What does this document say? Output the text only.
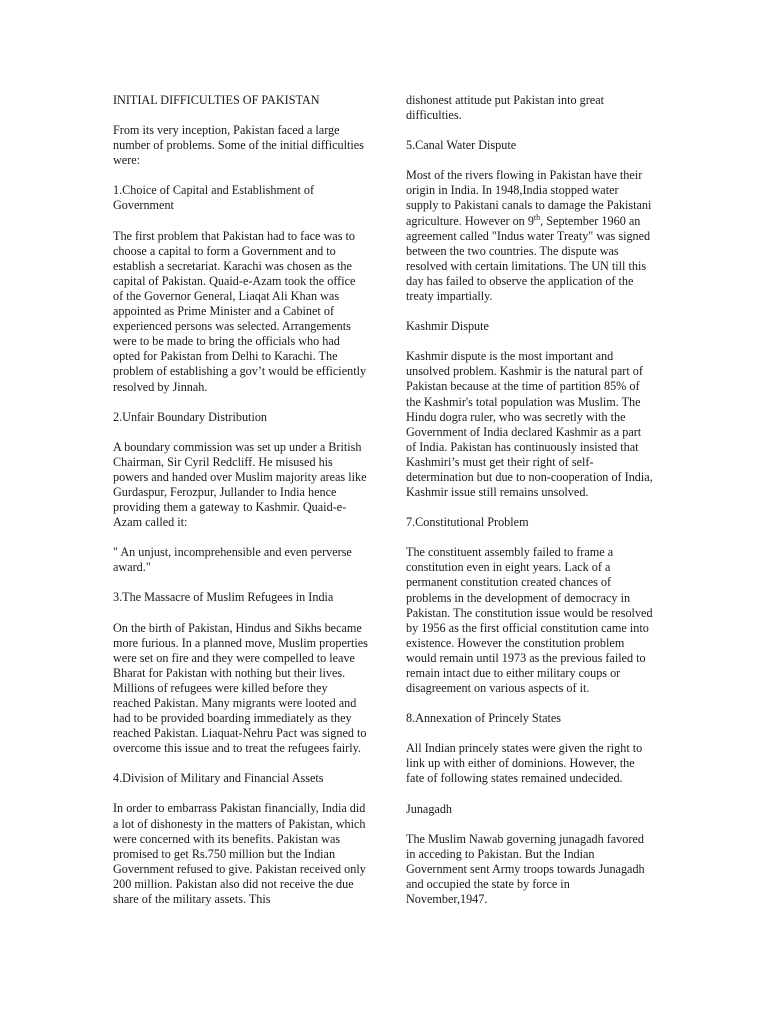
INITIAL DIFFICULTIES OF PAKISTAN

From its very inception, Pakistan faced a large number of problems. Some of the initial difficulties were:

1.Choice of Capital and Establishment of Government

The first problem that Pakistan had to face was to choose a capital to form a Government and to establish a secretariat. Karachi was chosen as the capital of Pakistan. Quaid-e-Azam took the office of the Governor General, Liaqat Ali Khan was appointed as Prime Minister and a Cabinet of experienced persons was selected. Arrangements were to be made to bring the officials who had opted for Pakistan from Delhi to Karachi. The problem of establishing a gov’t would be efficiently resolved by Jinnah.

2.Unfair Boundary Distribution

A boundary commission was set up under a British Chairman, Sir Cyril Redcliff. He misused his powers and handed over Muslim majority areas like Gurdaspur, Ferozpur, Jullander to India hence providing them a gateway to Kashmir. Quaid-e-Azam called it:

" An unjust, incomprehensible and even perverse award."

3.The Massacre of Muslim Refugees in India

On the birth of Pakistan, Hindus and Sikhs became more furious. In a planned move, Muslim properties were set on fire and they were compelled to leave Bharat for Pakistan with nothing but their lives. Millions of refugees were killed before they reached Pakistan. Many migrants were looted and had to be provided boarding immediately as they reached Pakistan. Liaquat-Nehru Pact was signed to overcome this issue and to treat the refugees fairly.

4.Division of Military and Financial Assets

In order to embarrass Pakistan financially, India did a lot of dishonesty in the matters of Pakistan, which were concerned with its benefits. Pakistan was promised to get Rs.750 million but the Indian Government refused to give. Pakistan received only 200 million. Pakistan also did not receive the due share of the military assets. This

dishonest attitude put Pakistan into great difficulties.

5.Canal Water Dispute

Most of the rivers flowing in Pakistan have their origin in India. In 1948,India stopped water supply to Pakistani canals to damage the Pakistani agriculture. However on 9th, September 1960 an agreement called "Indus water Treaty" was signed between the two countries. The dispute was resolved with certain limitations. The UN till this day has failed to observe the application of the treaty impartially.

Kashmir Dispute

Kashmir dispute is the most important and unsolved problem. Kashmir is the natural part of Pakistan because at the time of partition 85% of the Kashmir's total population was Muslim. The Hindu dogra ruler, who was secretly with the Government of India declared Kashmir as a part of India. Pakistan has continuously insisted that Kashmiri’s must get their right of self-determination but due to non-cooperation of India, Kashmir issue still remains unsolved.

7.Constitutional Problem

The constituent assembly failed to frame a constitution even in eight years. Lack of a permanent constitution created chances of problems in the development of democracy in Pakistan. The constitution issue would be resolved by 1956 as the first official constitution came into existence. However the constitution problem would remain until 1973 as the previous failed to remain intact due to either military coups or disagreement on various aspects of it.

8.Annexation of Princely States

All Indian princely states were given the right to link up with either of dominions. However, the fate of following states remained undecided.

Junagadh

The Muslim Nawab governing junagadh favored in acceding to Pakistan. But the Indian Government sent Army troops towards Junagadh and occupied the state by force in November,1947.
